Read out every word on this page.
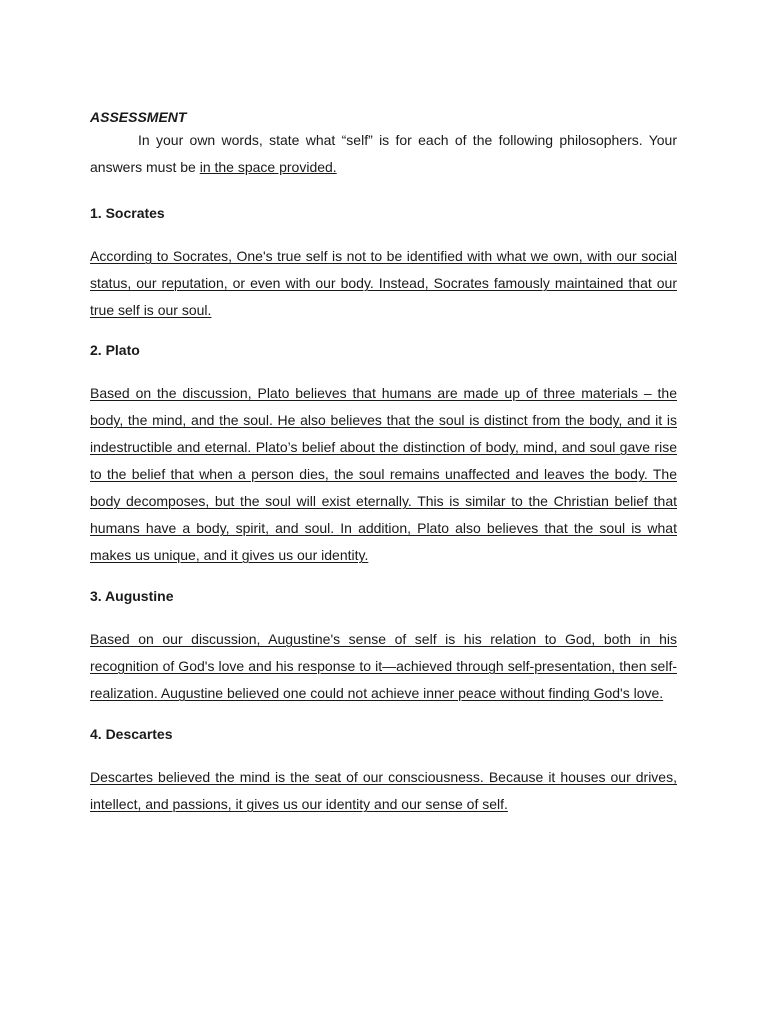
ASSESSMENT

In your own words, state what “self” is for each of the following philosophers. Your answers must be in the space provided.

1. Socrates

According to Socrates, One's true self is not to be identified with what we own, with our social status, our reputation, or even with our body. Instead, Socrates famously maintained that our true self is our soul.

2. Plato

Based on the discussion, Plato believes that humans are made up of three materials – the body, the mind, and the soul. He also believes that the soul is distinct from the body, and it is indestructible and eternal. Plato’s belief about the distinction of body, mind, and soul gave rise to the belief that when a person dies, the soul remains unaffected and leaves the body. The body decomposes, but the soul will exist eternally. This is similar to the Christian belief that humans have a body, spirit, and soul. In addition, Plato also believes that the soul is what makes us unique, and it gives us our identity.

3. Augustine

Based on our discussion, Augustine's sense of self is his relation to God, both in his recognition of God's love and his response to it—achieved through self-presentation, then self-realization. Augustine believed one could not achieve inner peace without finding God's love.

4. Descartes

Descartes believed the mind is the seat of our consciousness. Because it houses our drives, intellect, and passions, it gives us our identity and our sense of self.
